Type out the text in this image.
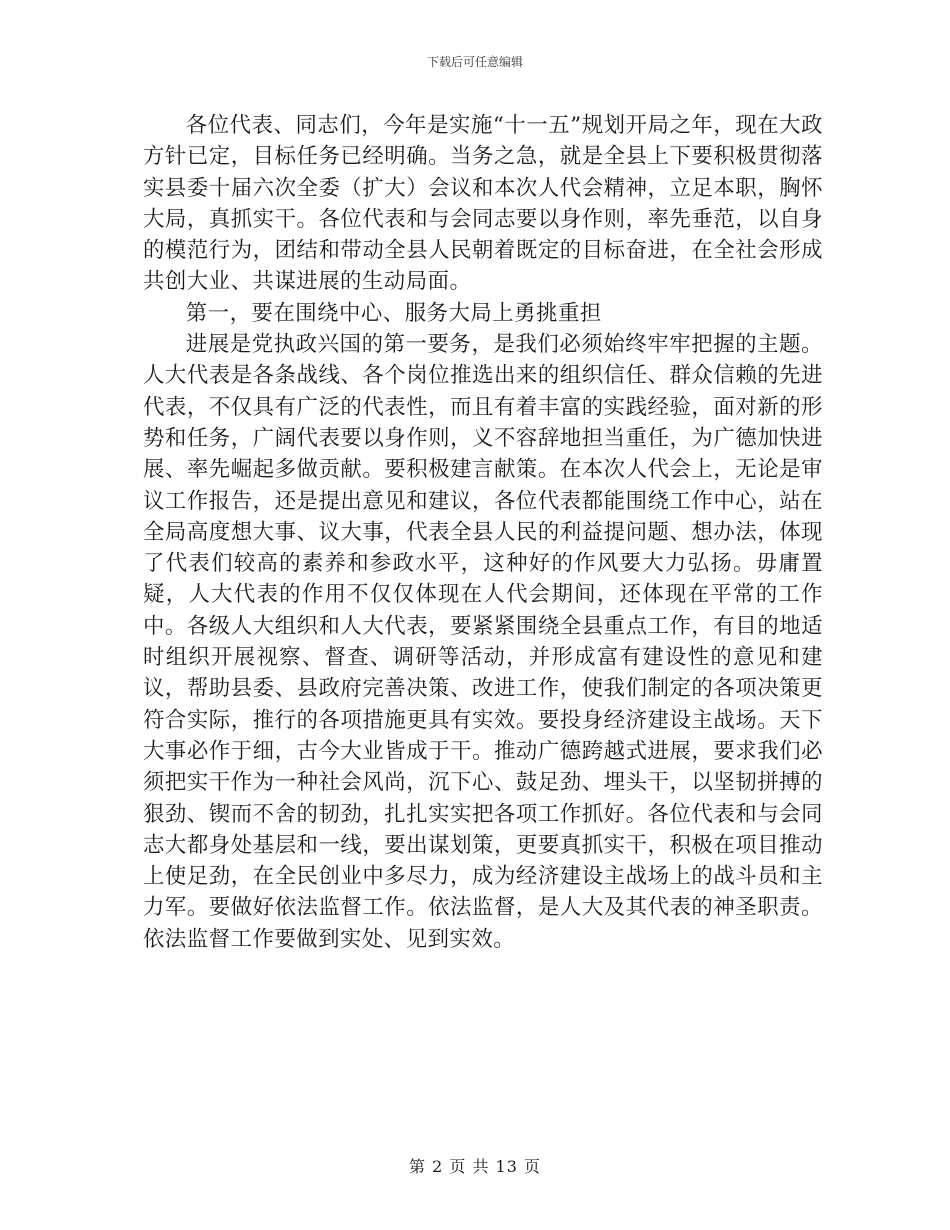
下载后可任意编辑

各位代表、同志们，今年是实施“十一五”规划开局之年，现在大政方针已定，目标任务已经明确。当务之急，就是全县上下要积极贯彻落实县委十届六次全委（扩大）会议和本次人代会精神，立足本职，胸怀大局，真抓实干。各位代表和与会同志要以身作则，率先垂范，以自身的模范行为，团结和带动全县人民朝着既定的目标奋进，在全社会形成共创大业、共谋进展的生动局面。

第一，要在围绕中心、服务大局上勇挑重担

进展是党执政兴国的第一要务，是我们必须始终牢牢把握的主题。人大代表是各条战线、各个岗位推选出来的组织信任、群众信赖的先进代表，不仅具有广泛的代表性，而且有着丰富的实践经验，面对新的形势和任务，广阔代表要以身作则，义不容辞地担当重任，为广德加快进展、率先崛起多做贡献。要积极建言献策。在本次人代会上，无论是审议工作报告，还是提出意见和建议，各位代表都能围绕工作中心，站在全局高度想大事、议大事，代表全县人民的利益提问题、想办法，体现了代表们较高的素养和参政水平，这种好的作风要大力弘扬。毋庸置疑，人大代表的作用不仅仅体现在人代会期间，还体现在平常的工作中。各级人大组织和人大代表，要紧紧围绕全县重点工作，有目的地适时组织开展视察、督查、调研等活动，并形成富有建设性的意见和建议，帮助县委、县政府完善决策、改进工作，使我们制定的各项决策更符合实际，推行的各项措施更具有实效。要投身经济建设主战场。天下大事必作于细，古今大业皆成于干。推动广德跨越式进展，要求我们必须把实干作为一种社会风尚，沉下心、鼓足劲、埋头干，以坚韧拼搏的狠劲、锲而不舍的韧劲，扎扎实实把各项工作抓好。各位代表和与会同志大都身处基层和一线，要出谋划策，更要真抓实干，积极在项目推动上使足劲，在全民创业中多尽力，成为经济建设主战场上的战斗员和主力军。要做好依法监督工作。依法监督，是人大及其代表的神圣职责。依法监督工作要做到实处、见到实效。

第 2 页 共 13 页
